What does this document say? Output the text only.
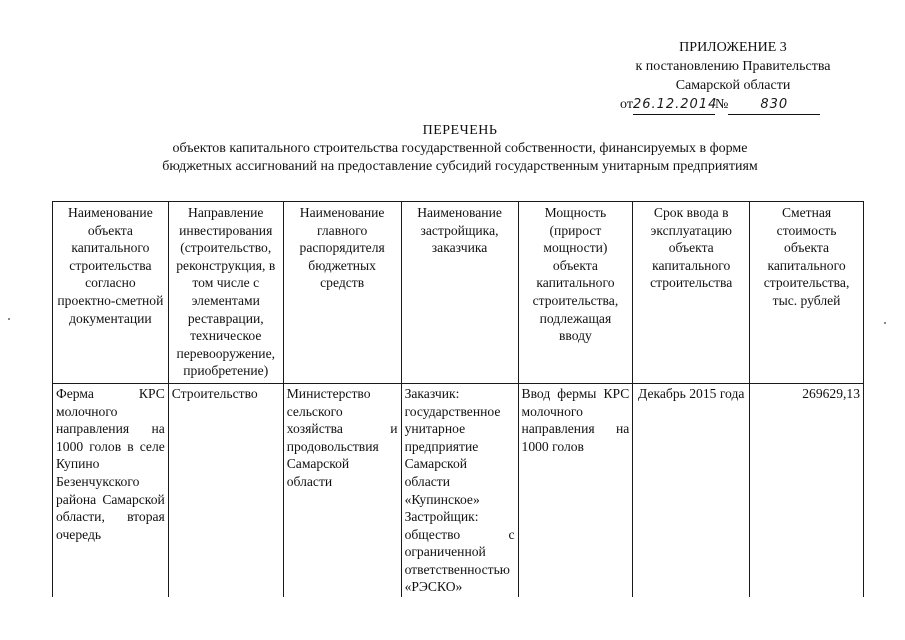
ПРИЛОЖЕНИЕ 3
к постановлению Правительства
Самарской области
от26.12.2014№ 830
ПЕРЕЧЕНЬ
объектов капитального строительства государственной собственности, финансируемых в форме
бюджетных ассигнований на предоставление субсидий государственным унитарным предприятиям
Наименование объекта капитального строительства согласно проектно-сметной документации	Направление инвестирования (строительство, реконструкция, в том числе с элементами реставрации, техническое перевооружение, приобретение)	Наименование главного распорядителя бюджетных средств	Наименование застройщика, заказчика	Мощность (прирост мощности) объекта капитального строительства, подлежащая вводу	Срок ввода в эксплуатацию объекта капитального строительства	Сметная стоимость объекта капитального строительства, тыс. рублей
Ферма КРС молочного направления на 1000 голов в селе Купино Безенчукского района Самарской области, вторая очередь	Строительство	Министерство сельского хозяйства и продовольствия Самарской области	Заказчик: государственное унитарное предприятие Самарской области «Купинское» Застройщик: общество с ограниченной ответственностью «РЭСКО»	Ввод фермы КРС молочного направления на 1000 голов	Декабрь 2015 года	269629,13
